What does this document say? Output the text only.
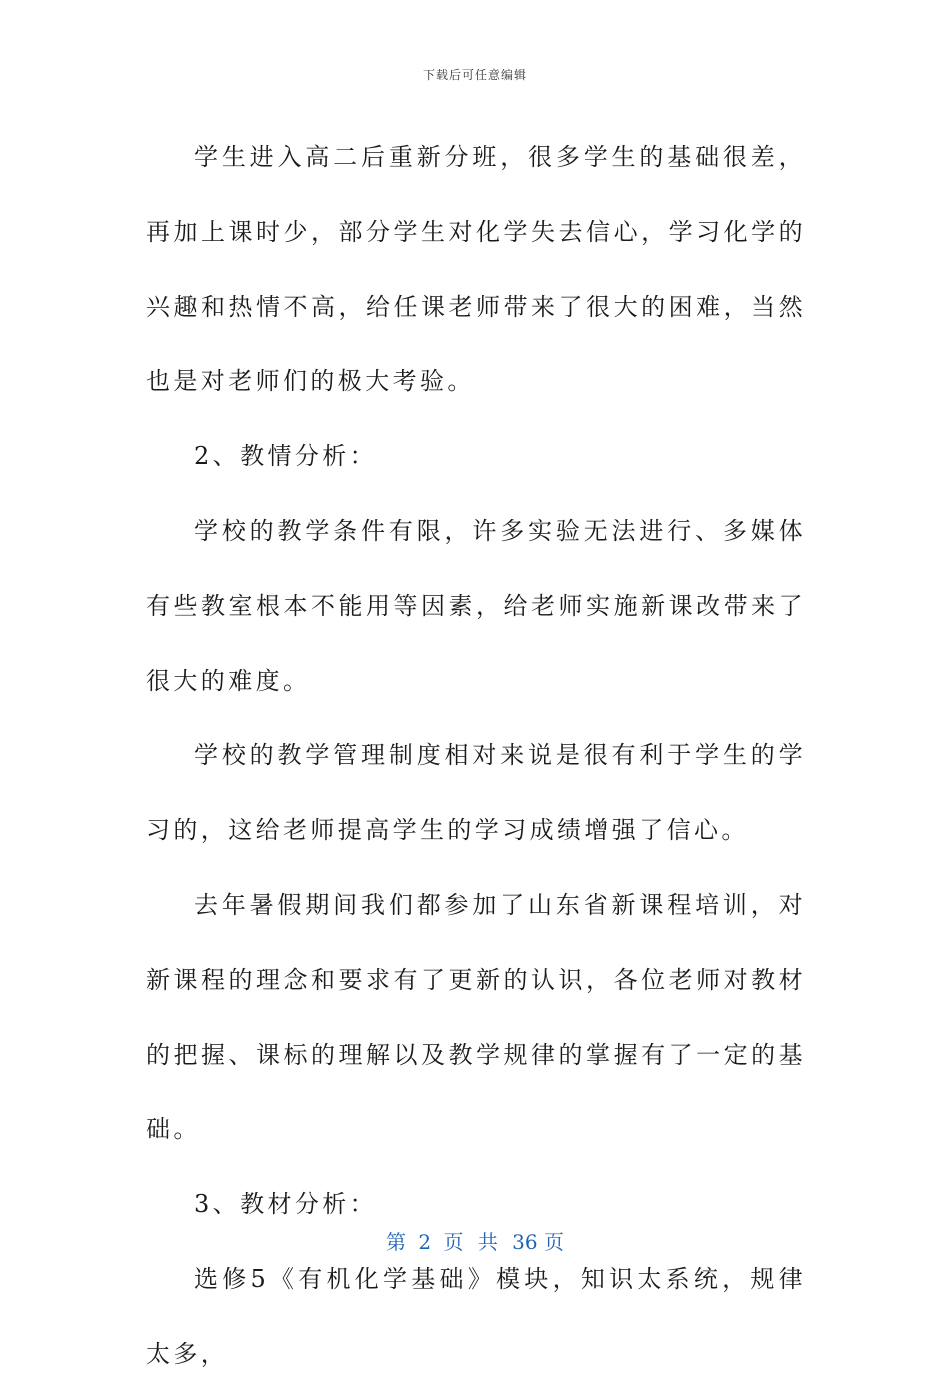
下载后可任意编辑

学生进入高二后重新分班，很多学生的基础很差，再加上课时少，部分学生对化学失去信心，学习化学的兴趣和热情不高，给任课老师带来了很大的困难，当然也是对老师们的极大考验。

2、教情分析：

学校的教学条件有限，许多实验无法进行、多媒体有些教室根本不能用等因素，给老师实施新课改带来了很大的难度。

学校的教学管理制度相对来说是很有利于学生的学习的，这给老师提高学生的学习成绩增强了信心。

去年暑假期间我们都参加了山东省新课程培训，对新课程的理念和要求有了更新的认识，各位老师对教材的把握、课标的理解以及教学规律的掌握有了一定的基础。

3、教材分析：

选修5《有机化学基础》模块，知识太系统，规律太多，

第 2 页 共 36 页
